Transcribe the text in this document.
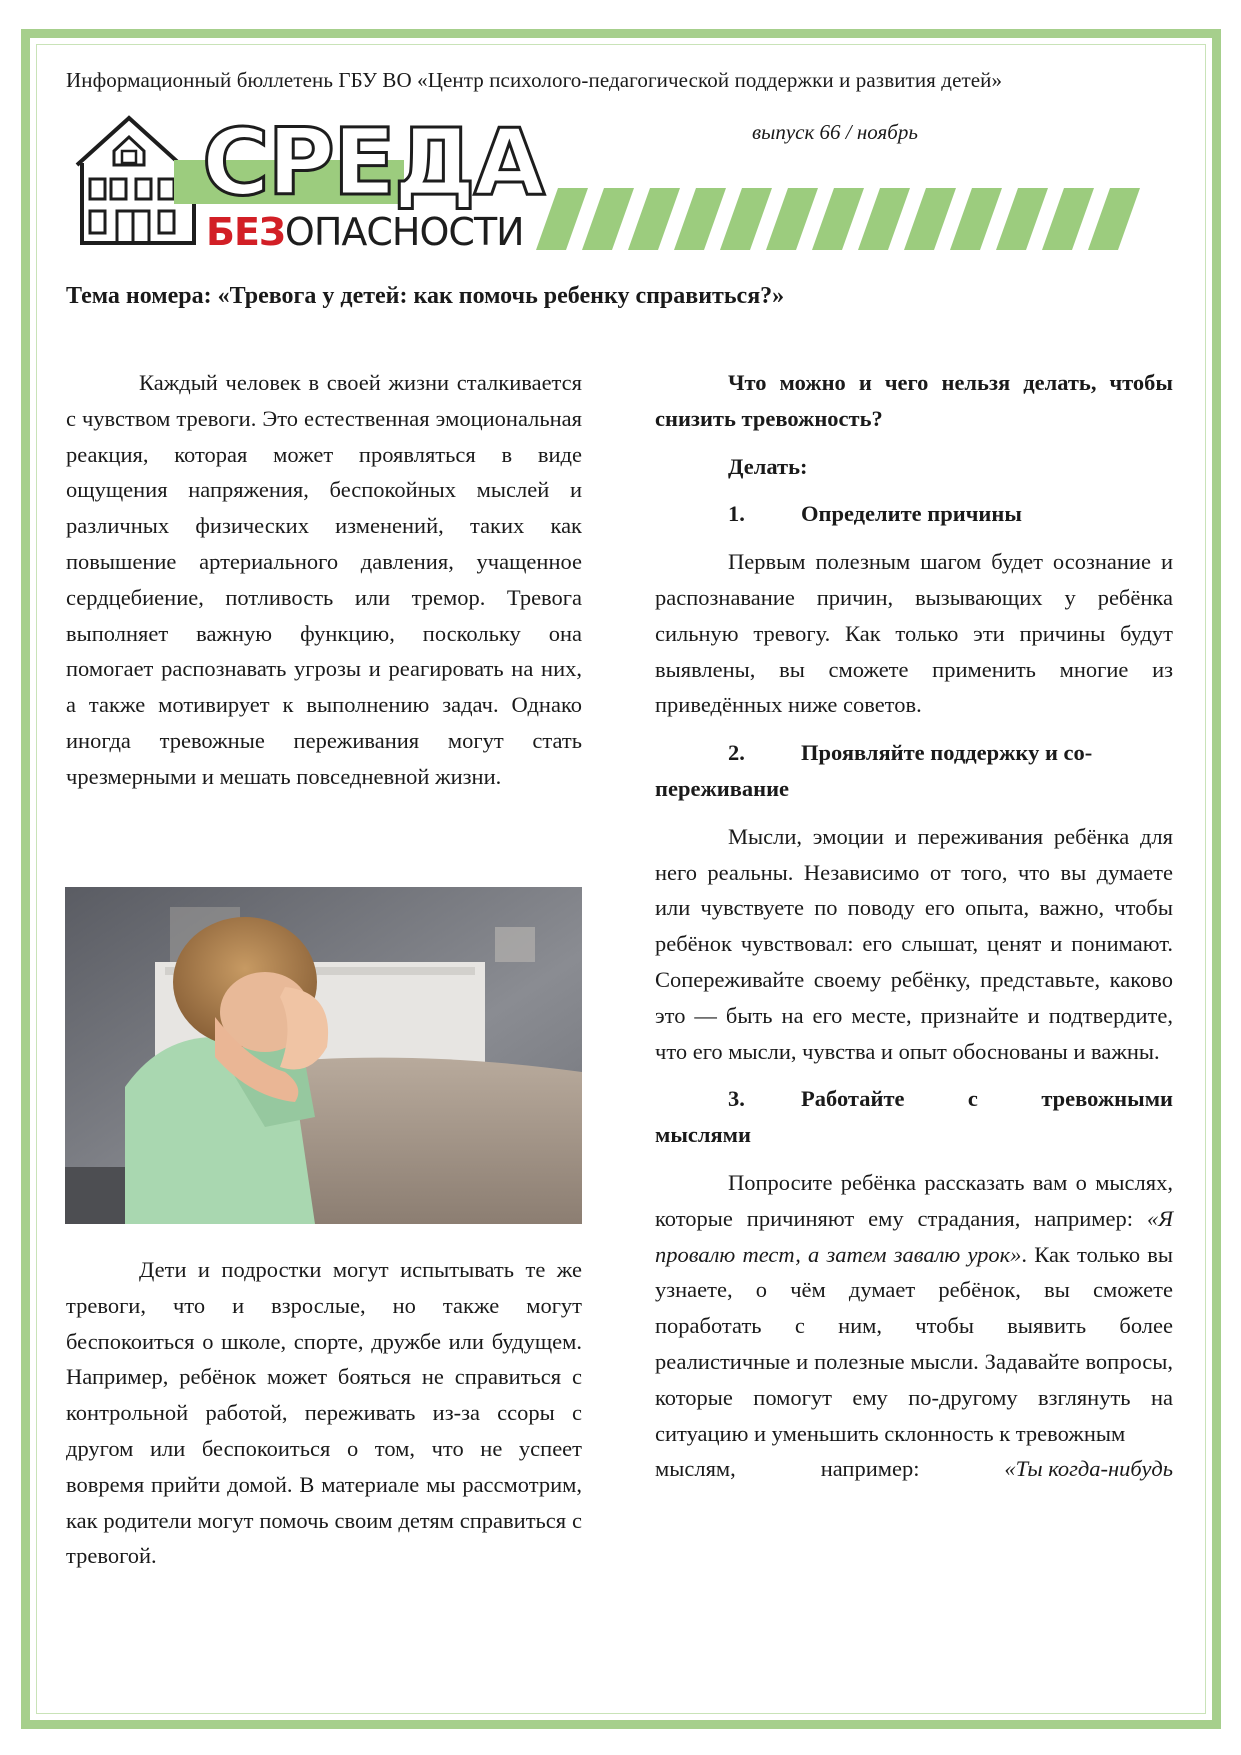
Информационный бюллетень ГБУ ВО «Центр психолого-педагогической поддержки и развития детей»
СРЕДА
БЕЗОПАСНОСТИ
выпуск 66 / ноябрь
Тема номера: «Тревога у детей: как помочь ребенку справиться?»

Каждый человек в своей жизни сталкивается с чувством тревоги. Это естественная эмоциональная реакция, которая может проявляться в виде ощущения напряжения, беспокойных мыслей и различных физических изменений, таких как повышение артериального давления, учащенное сердцебиение, потливость или тремор. Тревога выполняет важную функцию, поскольку она помогает распознавать угрозы и реагировать на них, а также мотивирует к выполнению задач. Однако иногда тревожные переживания могут стать чрезмерными и мешать повседневной жизни.

Дети и подростки могут испытывать те же тревоги, что и взрослые, но также могут беспокоиться о школе, спорте, дружбе или будущем. Например, ребёнок может бояться не справиться с контрольной работой, переживать из-за ссоры с другом или беспокоиться о том, что не успеет вовремя прийти домой. В материале мы рассмотрим, как родители могут помочь своим детям справиться с тревогой.

Что можно и чего нельзя делать, чтобы снизить тревожность?

Делать:

1.	Определите причины

Первым полезным шагом будет осознание и распознавание причин, вызывающих у ребёнка сильную тревогу. Как только эти причины будут выявлены, вы сможете применить многие из приведённых ниже советов.

2.	Проявляйте поддержку и со-

переживание

Мысли, эмоции и переживания ребёнка для него реальны. Независимо от того, что вы думаете или чувствуете по поводу его опыта, важно, чтобы ребёнок чувствовал: его слышат, ценят и понимают. Сопереживайте своему ребёнку, представьте, каково это — быть на его месте, признайте и подтвердите, что его мысли, чувства и опыт обоснованы и важны.

3.	Работайте	с	тревожными

мыслями

Попросите ребёнка рассказать вам о мыслях, которые причиняют ему страдания, например: «Я провалю тест, а затем завалю урок». Как только вы узнаете, о чём думает ребёнок, вы сможете поработать с ним, чтобы выявить более реалистичные и полезные мысли. Задавайте вопросы, которые помогут ему по-другому взглянуть на ситуацию и уменьшить склонность к тревожным

мыслям,	например:	«Ты когда-нибудь
